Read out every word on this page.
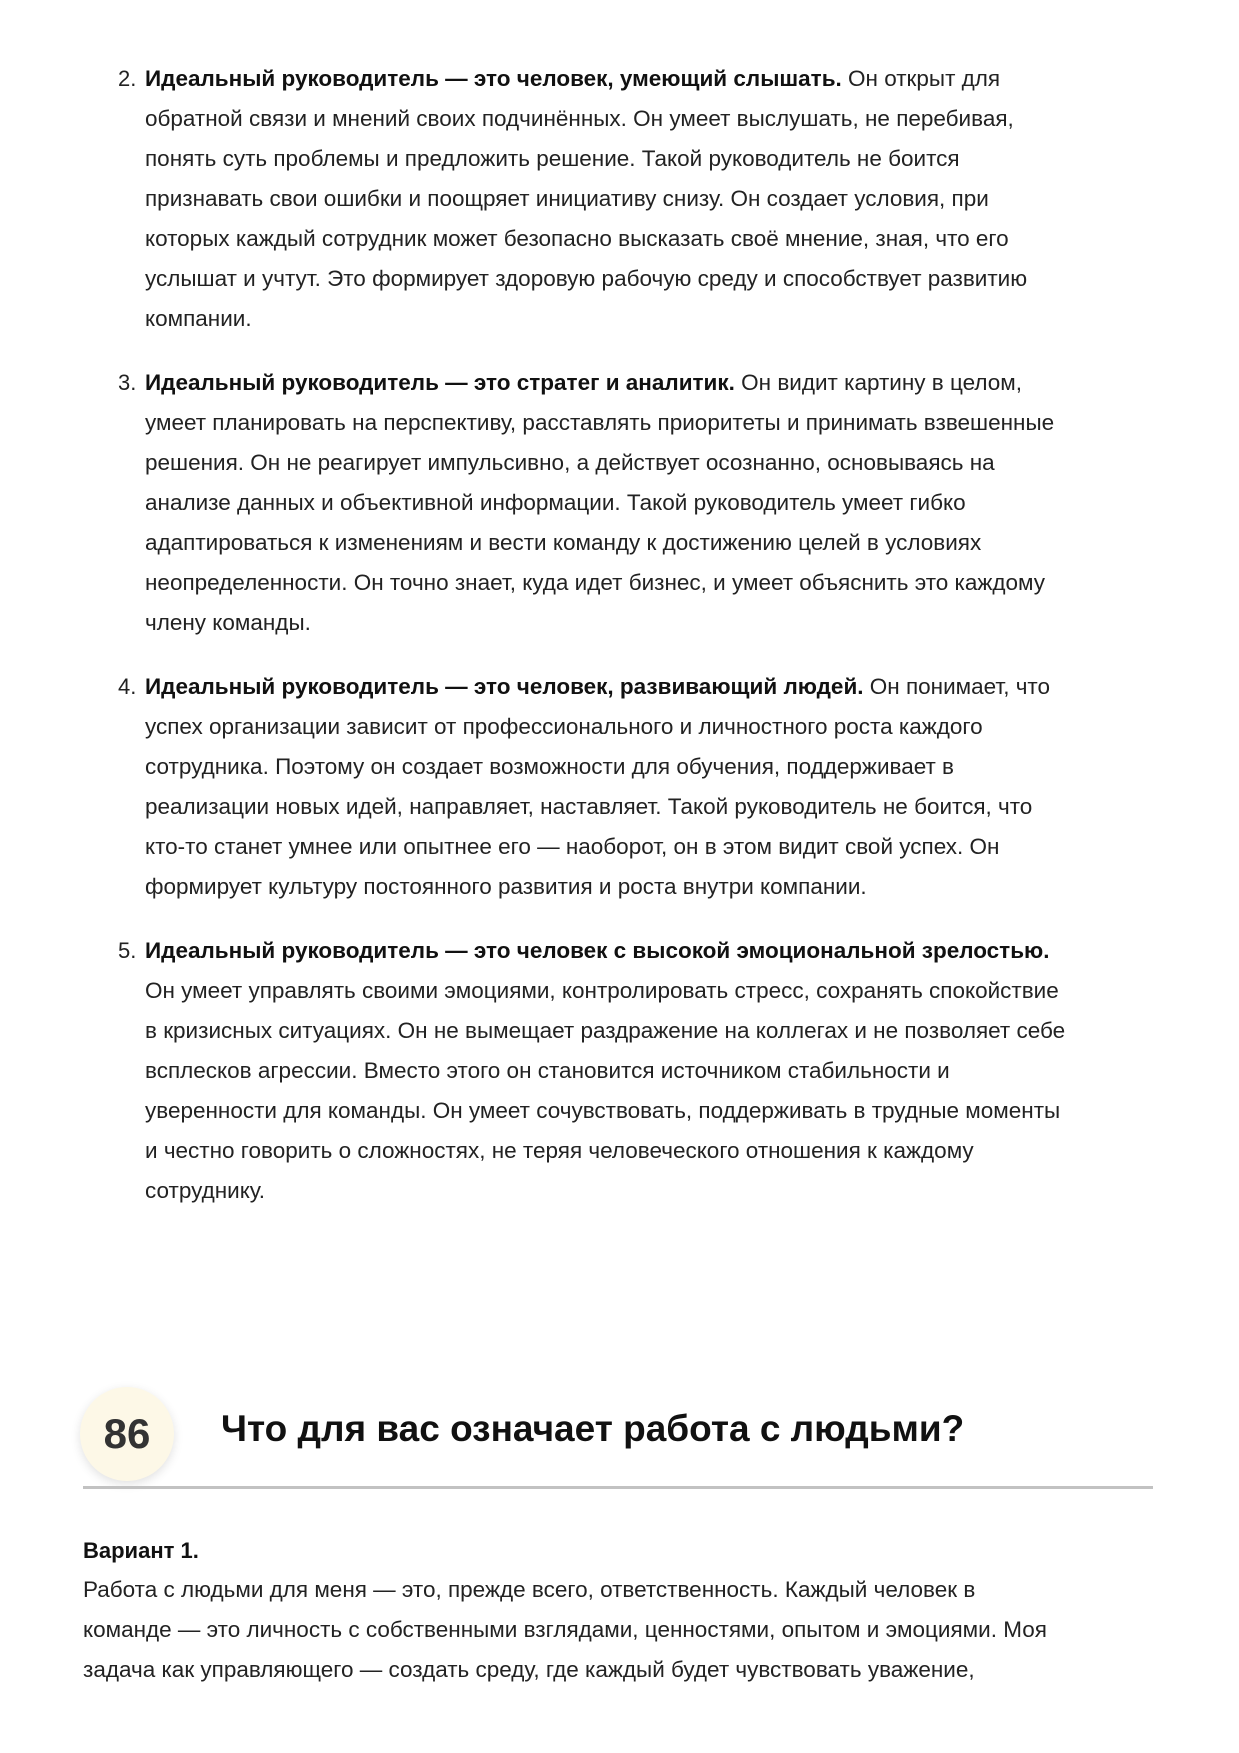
2. Идеальный руководитель — это человек, умеющий слышать. Он открыт для
обратной связи и мнений своих подчинённых. Он умеет выслушать, не перебивая,
понять суть проблемы и предложить решение. Такой руководитель не боится
признавать свои ошибки и поощряет инициативу снизу. Он создает условия, при
которых каждый сотрудник может безопасно высказать своё мнение, зная, что его
услышат и учтут. Это формирует здоровую рабочую среду и способствует развитию
компании.
3. Идеальный руководитель — это стратег и аналитик. Он видит картину в целом,
умеет планировать на перспективу, расставлять приоритеты и принимать взвешенные
решения. Он не реагирует импульсивно, а действует осознанно, основываясь на
анализе данных и объективной информации. Такой руководитель умеет гибко
адаптироваться к изменениям и вести команду к достижению целей в условиях
неопределенности. Он точно знает, куда идет бизнес, и умеет объяснить это каждому
члену команды.
4. Идеальный руководитель — это человек, развивающий людей. Он понимает, что
успех организации зависит от профессионального и личностного роста каждого
сотрудника. Поэтому он создает возможности для обучения, поддерживает в
реализации новых идей, направляет, наставляет. Такой руководитель не боится, что
кто-то станет умнее или опытнее его — наоборот, он в этом видит свой успех. Он
формирует культуру постоянного развития и роста внутри компании.
5. Идеальный руководитель — это человек с высокой эмоциональной зрелостью.
Он умеет управлять своими эмоциями, контролировать стресс, сохранять спокойствие
в кризисных ситуациях. Он не вымещает раздражение на коллегах и не позволяет себе
всплесков агрессии. Вместо этого он становится источником стабильности и
уверенности для команды. Он умеет сочувствовать, поддерживать в трудные моменты
и честно говорить о сложностях, не теряя человеческого отношения к каждому
сотруднику.
86	Что для вас означает работа с людьми?
Вариант 1.
Работа с людьми для меня — это, прежде всего, ответственность. Каждый человек в
команде — это личность с собственными взглядами, ценностями, опытом и эмоциями. Моя
задача как управляющего — создать среду, где каждый будет чувствовать уважение,
